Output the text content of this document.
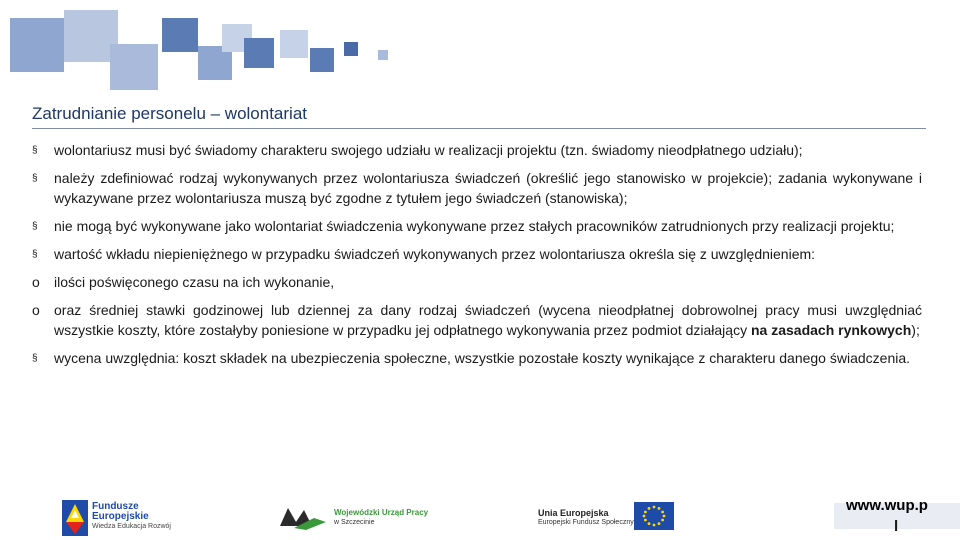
Zatrudnianie personelu – wolontariat
§	wolontariusz musi być świadomy charakteru swojego udziału w realizacji projektu (tzn. świadomy nieodpłatnego udziału);
§	należy zdefiniować rodzaj wykonywanych przez wolontariusza świadczeń (określić jego stanowisko w projekcie); zadania wykonywane i wykazywane przez wolontariusza muszą być zgodne z tytułem jego świadczeń (stanowiska);
§	nie mogą być wykonywane jako wolontariat świadczenia wykonywane przez stałych pracowników zatrudnionych przy realizacji projektu;
§	wartość wkładu niepieniężnego w przypadku świadczeń wykonywanych przez wolontariusza określa się z uwzględnieniem:
o	ilości poświęconego czasu na ich wykonanie,
o	oraz średniej stawki godzinowej lub dziennej za dany rodzaj świadczeń (wycena nieodpłatnej dobrowolnej pracy musi uwzględniać wszystkie koszty, które zostałyby poniesione w przypadku jej odpłatnego wykonywania przez podmiot działający na zasadach rynkowych);
§	wycena uwzględnia: koszt składek na ubezpieczenia społeczne, wszystkie pozostałe koszty wynikające z charakteru danego świadczenia.
Fundusze
Europejskie
Wiedza Edukacja Rozwój
Wojewódzki Urząd Pracy
w Szczecinie
Unia Europejska
Europejski Fundusz Społeczny
www.wup.p
l
